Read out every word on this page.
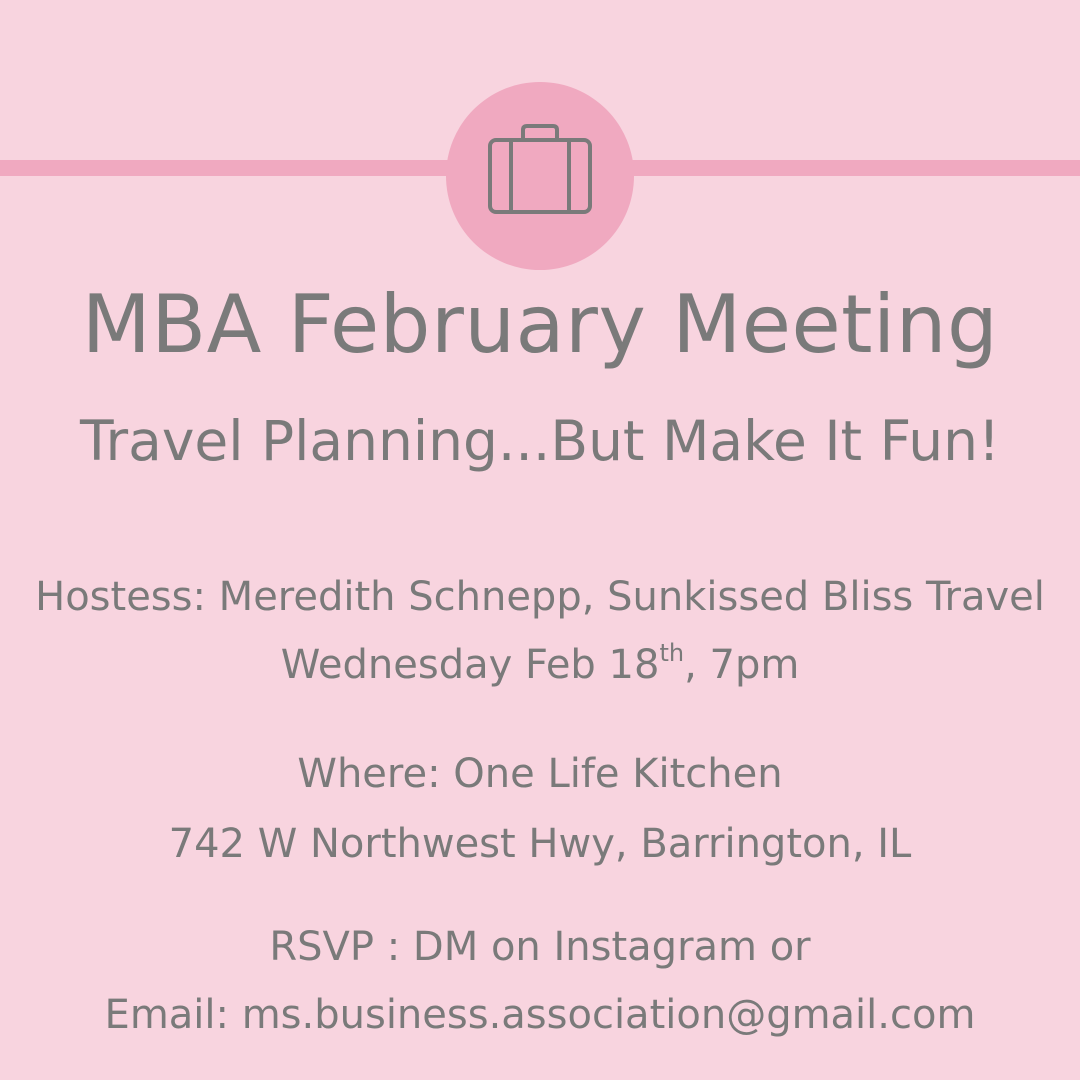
MBA February Meeting
Travel Planning...But Make It Fun!
Hostess: Meredith Schnepp, Sunkissed Bliss Travel
Wednesday Feb 18th, 7pm
Where: One Life Kitchen
742 W Northwest Hwy, Barrington, IL
RSVP : DM on Instagram or
Email: ms.business.association@gmail.com
